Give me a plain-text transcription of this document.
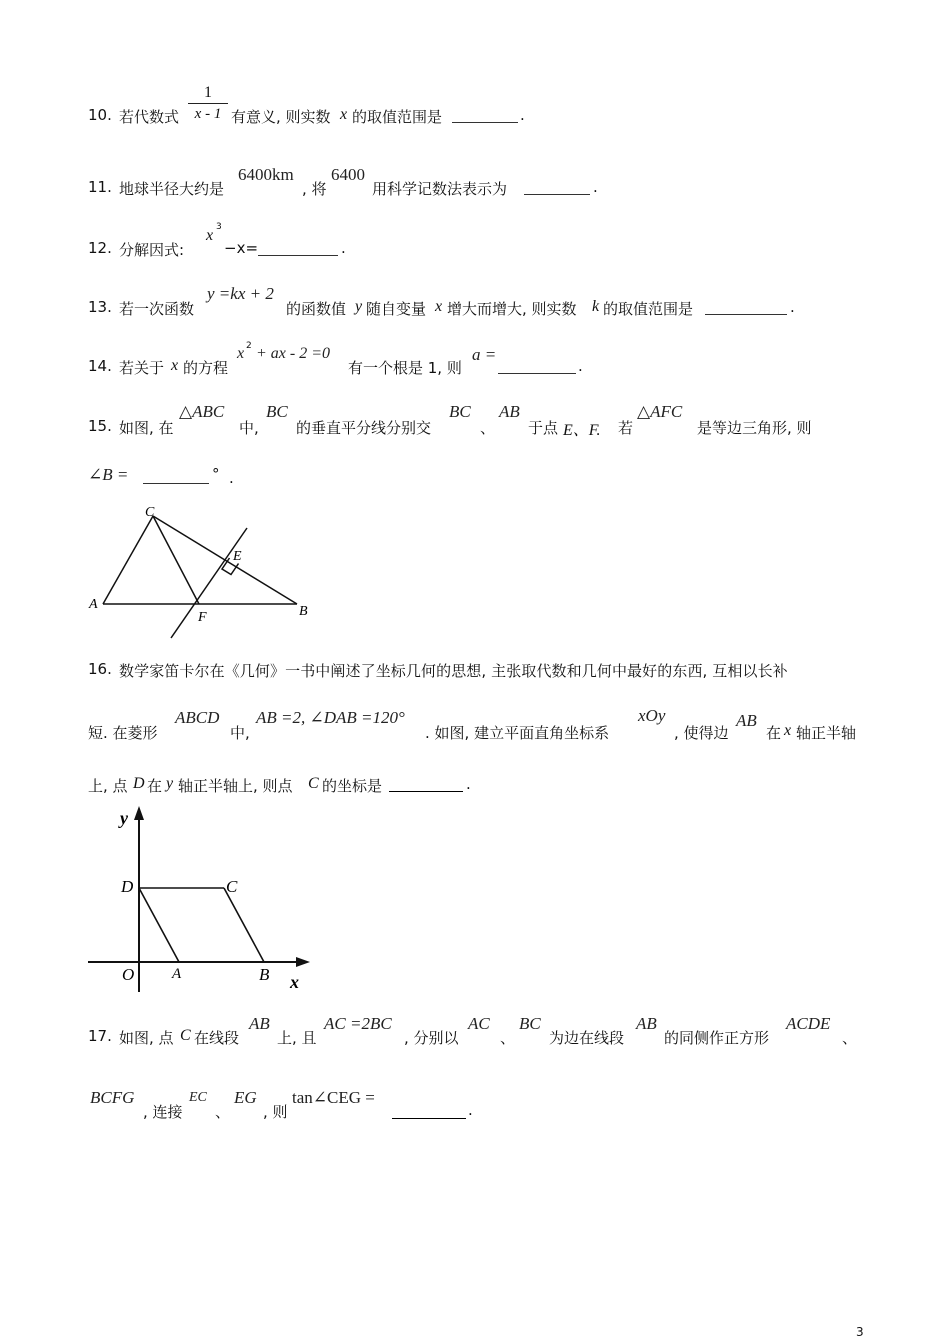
10. 若代数式
1
x - 1 有意义, 则实数 x 的取值范围是	.
11. 地球半径大约是
6400km
, 将
6400
用科学记数法表示为	.
12. 分解因式:
x 3
−x=	.
13. 若一次函数
y =kx + 2
的函数值 y 随自变量 x 增大而增大, 则实数 k 的取值范围是	.
14. 若关于 x 的方程
x 2 + ax - 2 =0
有一个根是 1, 则
a =
.
15. 如图, 在
△ABC
中,
BC
的垂直平分线分别交
BC
、
AB
于点 E、F. 若
△AFC
是等边三角形, 则
∠B =	° .
C
A
F
E
B
16. 数学家笛卡尔在《几何》一书中阐述了坐标几何的思想, 主张取代数和几何中最好的东西, 互相以长补
短. 在菱形
ABCD
中,
AB =2, ∠DAB =120°
. 如图, 建立平面直角坐标系
xOy
, 使得边
AB
在 x 轴正半轴
上, 点 D 在 y 轴正半轴上, 则点 C 的坐标是	.
y
x
O	A	B
C
D
17. 如图, 点 C 在线段
AB
上, 且
AC =2BC
, 分别以
AC
、
BC
为边在线段
AB
的同侧作正方形
ACDE
、
BCFG
, 连接
EC
、
EG
, 则
tan∠CEG =
.
3
